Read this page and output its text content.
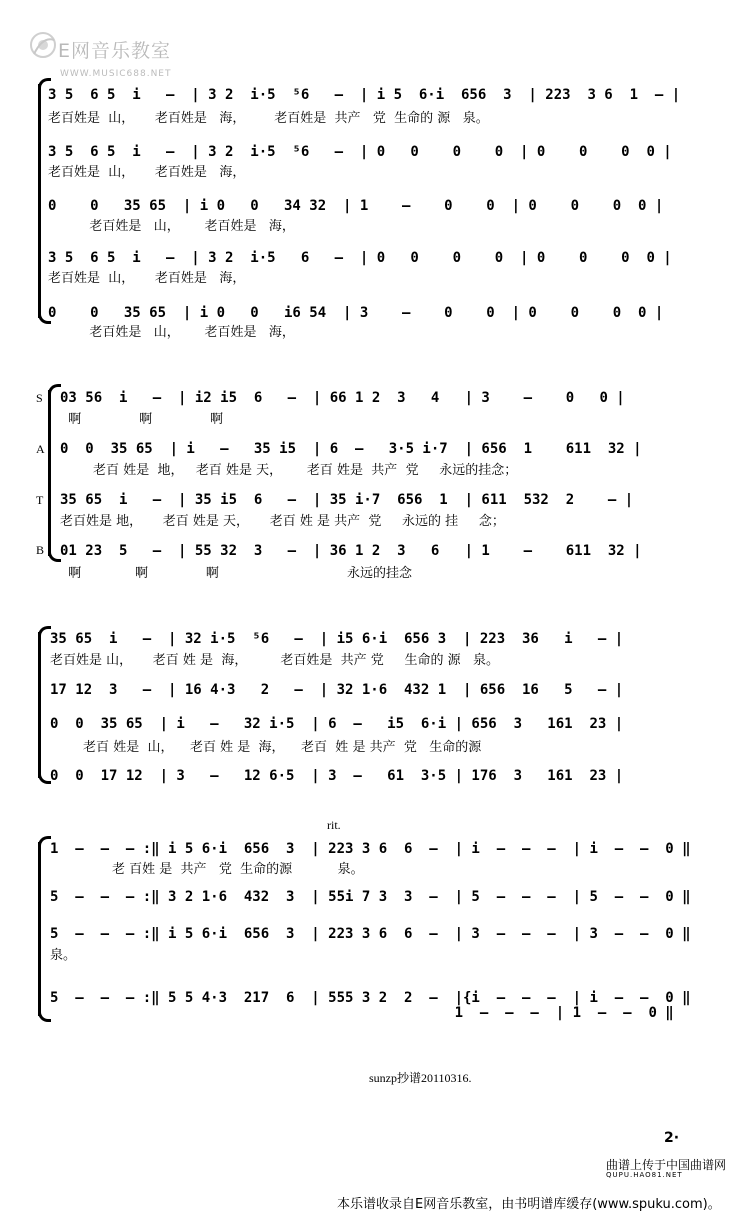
E网音乐教室
WWW.MUSIC688.NET
3 5  6 5  i   –  | 3 2  i·5  ⁵6   –  | i 5  6·i  656  3  | 223  3 6  1  – |
老百姓是  山，     老百姓是   海，       老百姓是  共产   党  生命的 源   泉。
3 5  6 5  i   –  | 3 2  i·5  ⁵6   –  | 0   0    0    0  | 0    0    0  0 |
老百姓是  山，     老百姓是   海，
0    0   35 65  | i 0   0   34 32  | 1    –    0    0  | 0    0    0  0 |
老百姓是   山，      老百姓是   海，
3 5  6 5  i   –  | 3 2  i·5   6   –  | 0   0    0    0  | 0    0    0  0 |
老百姓是  山，     老百姓是   海，
0    0   35 65  | i 0   0   i6 54  | 3    –    0    0  | 0    0    0  0 |
老百姓是   山，      老百姓是   海，
S
A
T
B
03 56  i   –  | i2 i5  6   –  | 66 1 2  3   4   | 3    –    0   0 |
啊              啊              啊
0  0  35 65  | i   –   35 i5  | 6  –   3·5 i·7  | 656  1    611  32 |
老百 姓是  地，   老百 姓是 天，      老百 姓是  共产  党     永远的挂念；
35 65  i   –  | 35 i5  6   –  | 35 i·7  656  1  | 611  532  2    – |
老百姓是 地，     老百 姓是 天，     老百 姓 是 共产  党     永远的 挂     念；
01 23  5   –  | 55 32  3   –  | 36 1 2  3   6   | 1    –    611  32 |
啊             啊              啊                               永远的挂念
35 65  i   –  | 32 i·5  ⁵6   –  | i5 6·i  656 3  | 223  36   i   – |
老百姓是 山，     老百 姓 是  海，        老百姓是  共产 党     生命的 源   泉。
17 12  3   –  | 16 4·3   2   –  | 32 1·6  432 1  | 656  16   5   – |
0  0  35 65  | i   –   32 i·5  | 6  –   i5  6·i | 656  3   161  23 |
老百 姓是  山，    老百 姓 是  海，    老百  姓 是 共产  党   生命的源
0  0  17 12  | 3   –   12 6·5  | 3  –   61  3·5 | 176  3   161  23 |
rit.
1  –  –  – :‖ i 5 6·i  656  3  | 223 3 6  6  –  | i  –  –  –  | i  –  –  0 ‖
老 百姓 是  共产   党  生命的源           泉。
5  –  –  – :‖ 3 2 1·6  432  3  | 55i 7 3  3  –  | 5  –  –  –  | 5  –  –  0 ‖
5  –  –  – :‖ i 5 6·i  656  3  | 223 3 6  6  –  | 3  –  –  –  | 3  –  –  0 ‖
泉。
5  –  –  – :‖ 5 5 4·3  217  6  | 555 3 2  2  –  |{i  –  –  –  | i  –  –  0 ‖
1  –  –  –  | 1  –  –  0 ‖
sunzp抄谱20110316.
2·
曲谱上传于中国曲谱网
QUPU.HAO81.NET
本乐谱收录自E网音乐教室，由书明谱库缓存(www.spuku.com)。
